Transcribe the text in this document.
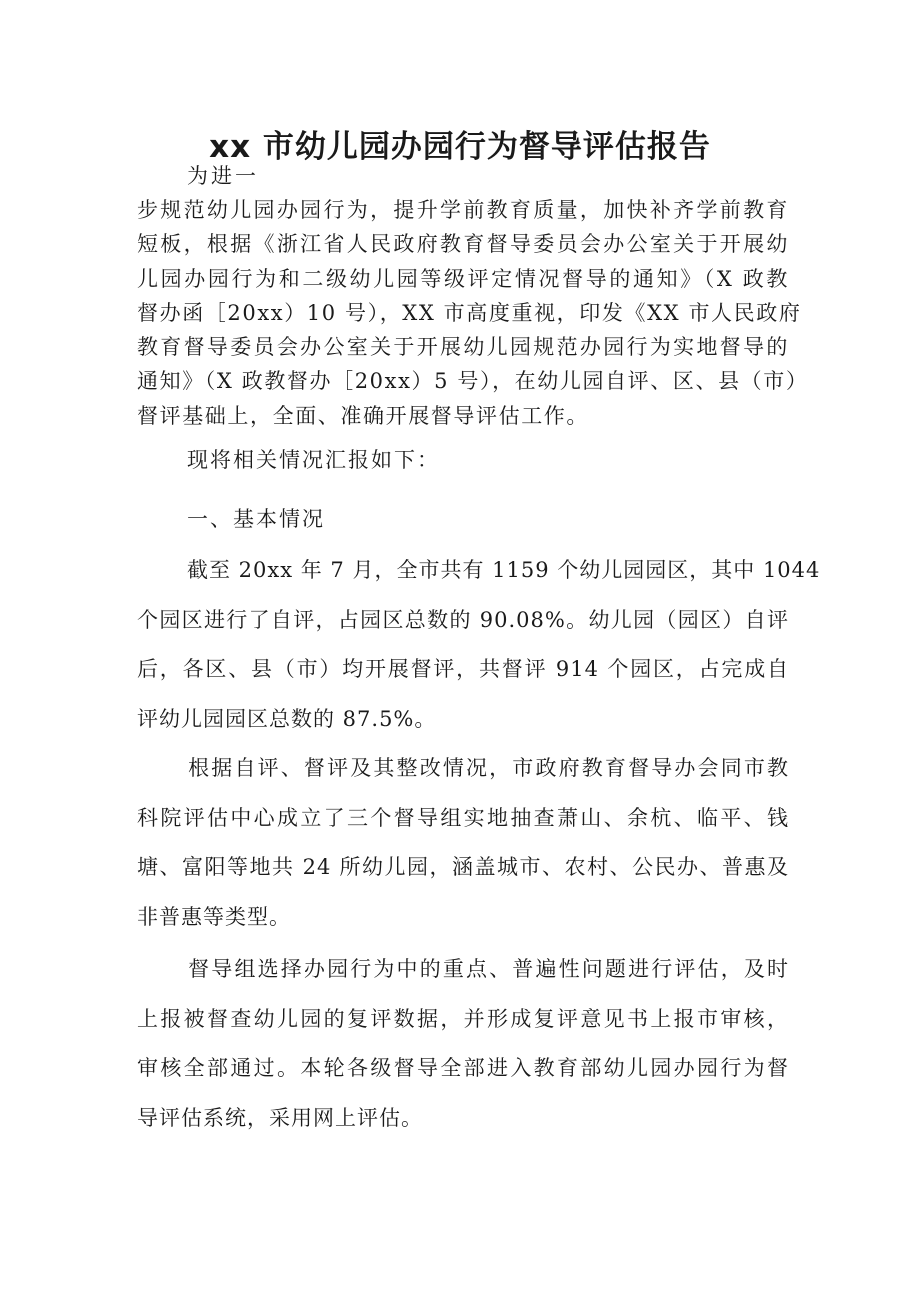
xx 市幼儿园办园行为督导评估报告

为进一

步规范幼儿园办园行为，提升学前教育质量，加快补齐学前教育
短板，根据《浙江省人民政府教育督导委员会办公室关于开展幼
儿园办园行为和二级幼儿园等级评定情况督导的通知》（X 政教
督办函［20xx）10 号），XX 市高度重视，印发《XX 市人民政府
教育督导委员会办公室关于开展幼儿园规范办园行为实地督导的
通知》（X 政教督办［20xx）5 号），在幼儿园自评、区、县（市）
督评基础上，全面、准确开展督导评估工作。

现将相关情况汇报如下：

一、基本情况

截至 20xx 年 7 月，全市共有 1159 个幼儿园园区，其中 1044
个园区进行了自评，占园区总数的 90.08%。幼儿园（园区）自评
后，各区、县（市）均开展督评，共督评 914 个园区，占完成自
评幼儿园园区总数的 87.5%。
根据自评、督评及其整改情况，市政府教育督导办会同市教
科院评估中心成立了三个督导组实地抽查萧山、余杭、临平、钱
塘、富阳等地共 24 所幼儿园，涵盖城市、农村、公民办、普惠及
非普惠等类型。
督导组选择办园行为中的重点、普遍性问题进行评估，及时
上报被督查幼儿园的复评数据，并形成复评意见书上报市审核，
审核全部通过。本轮各级督导全部进入教育部幼儿园办园行为督
导评估系统，采用网上评估。
